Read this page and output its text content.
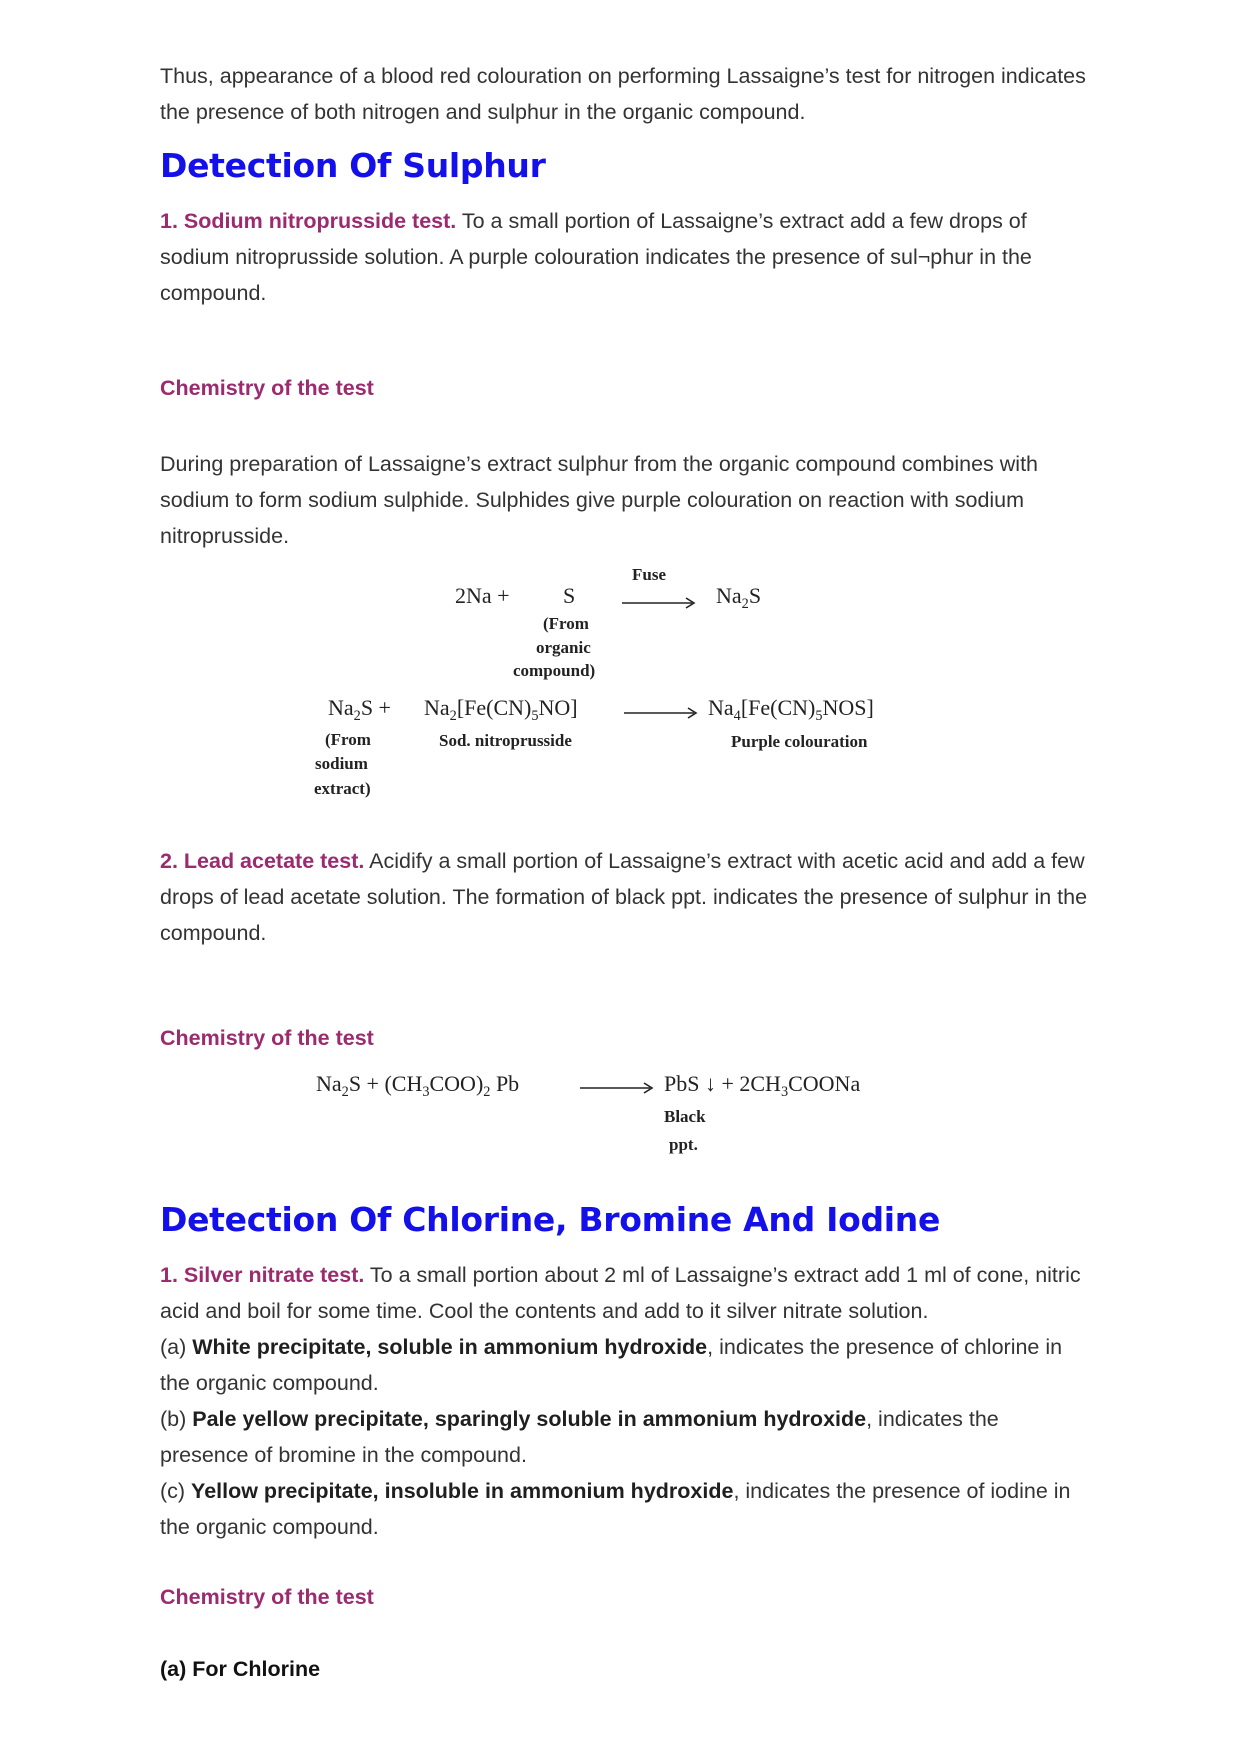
Thus, appearance of a blood red colouration on performing Lassaigne’s test for nitrogen indicates the presence of both nitrogen and sulphur in the organic compound.

Detection Of Sulphur

1. Sodium nitroprusside test. To a small portion of Lassaigne’s extract add a few drops of sodium nitroprusside solution. A purple colouration indicates the presence of sul¬phur in the compound.

Chemistry of the test

During preparation of Lassaigne’s extract sulphur from the organic compound combines with sodium to form sodium sulphide. Sulphides give purple colouration on reaction with sodium nitroprusside.

2Na + S
Fuse
$Na_2S$
(From
organic
compound)
$Na_2S + Na_2[Fe(CN)_5NO]$	$Na_4[Fe(CN)_5NOS]$
(From
sodium
extract)
Sod. nitroprusside	Purple colouration

2. Lead acetate test. Acidify a small portion of Lassaigne’s extract with acetic acid and add a few drops of lead acetate solution. The formation of black ppt. indicates the presence of sulphur in the compound.

Chemistry of the test

$Na_2S + (CH_3COO)_2$ Pb	PbS ↓ + $2CH_3COONa$
Black
ppt.
Detection Of Chlorine, Bromine And Iodine

1. Silver nitrate test. To a small portion about 2 ml of Lassaigne’s extract add 1 ml of cone, nitric acid and boil for some time. Cool the contents and add to it silver nitrate solution.

(a) White precipitate, soluble in ammonium hydroxide, indicates the presence of chlorine in the organic compound.

(b) Pale yellow precipitate, sparingly soluble in ammonium hydroxide, indicates the presence of bromine in the compound.

(c) Yellow precipitate, insoluble in ammonium hydroxide, indicates the presence of iodine in the organic compound.

Chemistry of the test

(a) For Chlorine
